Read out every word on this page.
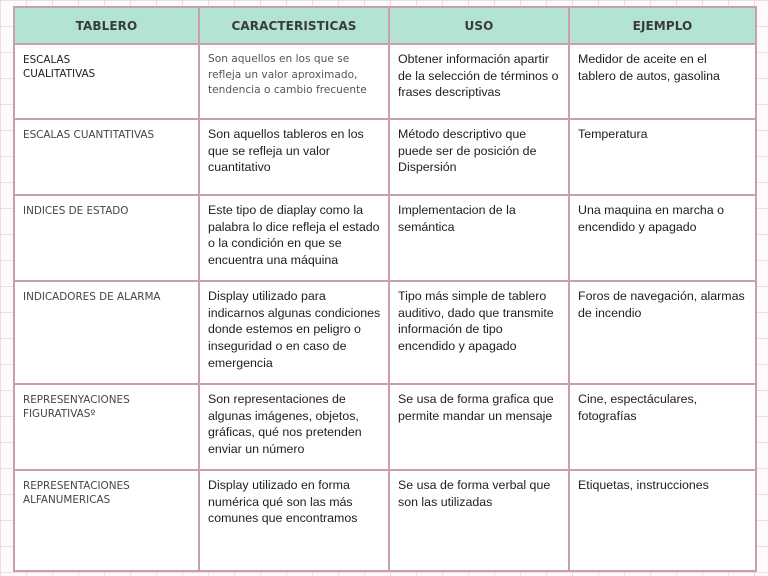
TABLERO	CARACTERISTICAS	USO	EJEMPLO

ESCALAS
CUALITATIVAS	Son aquellos en los que se refleja un valor aproximado, tendencia o cambio frecuente	Obtener información apartir de la selección de términos o frases descriptivas	Medidor de aceite en el tablero de autos, gasolina

ESCALAS CUANTITATIVAS	Son aquellos tableros en los que se refleja un valor cuantitativo	Método descriptivo que puede ser de posición de Dispersión	Temperatura

INDICES DE ESTADO	Este tipo de diaplay como la palabra lo dice refleja el estado o la condición en que se encuentra una máquina	Implementacion de la semántica	Una maquina en marcha o encendido y apagado

INDICADORES DE ALARMA	Display utilizado para indicarnos algunas condiciones donde estemos en peligro o inseguridad o en caso de emergencia	Tipo más simple de tablero auditivo, dado que transmite información de tipo encendido y apagado	Foros de navegación, alarmas de incendio

REPRESENYACIONES FIGURATIVASº	Son representaciones de algunas imágenes, objetos, gráficas, qué nos pretenden enviar un número	Se usa de forma grafica que permite mandar un mensaje	Cine, espectáculares, fotografías

REPRESENTACIONES ALFANUMERICAS	Display utilizado en forma numérica qué son las más comunes que encontramos	Se usa de forma verbal que son las utilizadas	Etiquetas, instrucciones
